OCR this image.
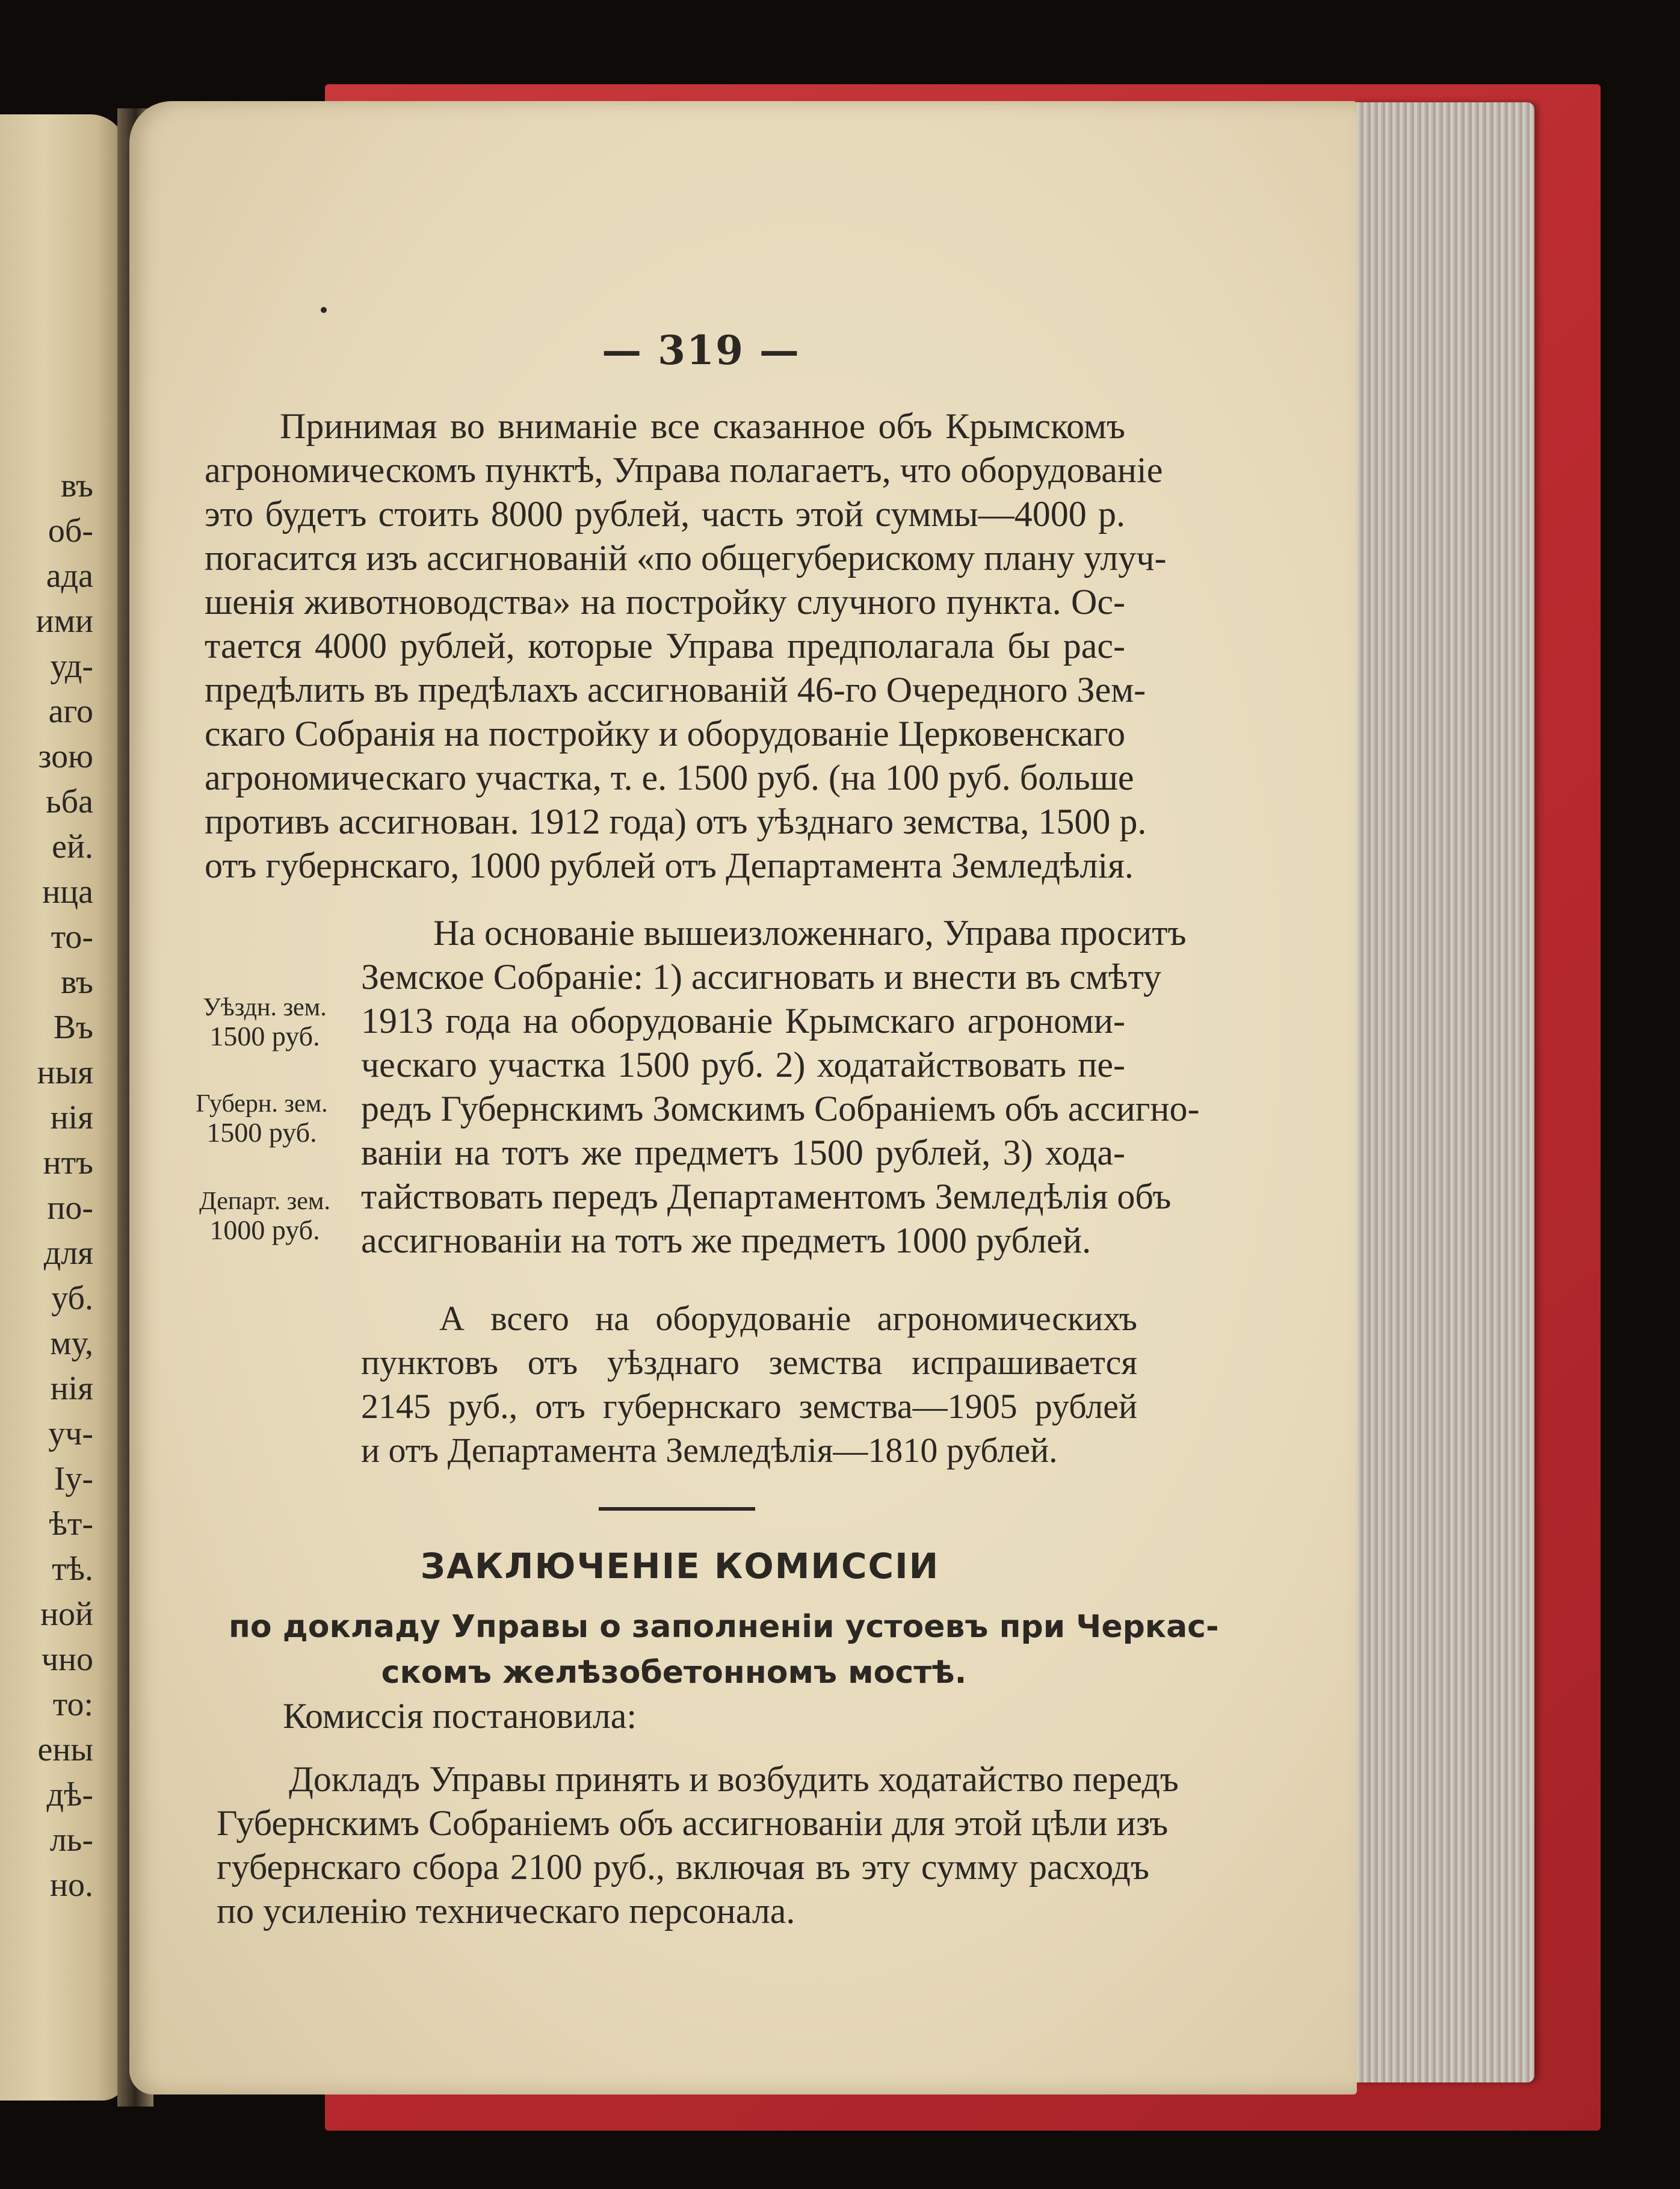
въ
об-
ада
ими
уд-
аго
зою
ьба
ей.
нца
то-
въ
Въ
ныя
нія
нтъ
по-
для
уб.
му,
нія
уч-
Iу-
ѣт-
тѣ.
ной
чно
то:
ены
дѣ-
ль-
но.
— 319 —
Принимая во вниманіе все сказанное объ Крымскомъ
агрономическомъ пунктѣ, Управа полагаетъ, что оборудованіе
это будетъ стоить 8000 рублей, часть этой суммы—4000 р.
погасится изъ ассигнованій «по общегуберискому плану улуч-
шенія животноводства» на постройку случного пункта. Ос-
тается 4000 рублей, которые Управа предполагала бы рас-
предѣлить въ предѣлахъ ассигнованій 46-го Очередного Зем-
скаго Собранія на постройку и оборудованіе Церковенскаго
агрономическаго участка, т. е. 1500 руб. (на 100 руб. больше
противъ ассигнован. 1912 года) отъ уѣзднаго земства, 1500 р.
отъ губернскаго, 1000 рублей отъ Департамента Земледѣлія.
На основаніе вышеизложеннаго, Управа проситъ
Земское Собраніе: 1) ассигновать и внести въ смѣту
1913 года на оборудованіе Крымскаго агрономи-
ческаго участка 1500 руб. 2) ходатайствовать пе-
редъ Губернскимъ Зомскимъ Собраніемъ объ ассигно-
ваніи на тотъ же предметъ 1500 рублей, 3) хода-
тайствовать передъ Департаментомъ Земледѣлія объ
ассигнованіи на тотъ же предметъ 1000 рублей.
Уѣздн. зем.
1500 руб.
Губерн. зем.
1500 руб.
Департ. зем.
1000 руб.
А всего на оборудованіе агрономическихъ
пунктовъ отъ уѣзднаго земства испрашивается
2145 руб., отъ губернскаго земства—1905 рублей
и отъ Департамента Земледѣлія—1810 рублей.
ЗАКЛЮЧЕНІЕ КОМИССІИ
по докладу Управы о заполненіи устоевъ при Черкас-
скомъ желѣзобетонномъ мостѣ.
Комиссія постановила:
Докладъ Управы принять и возбудить ходатайство передъ
Губернскимъ Собраніемъ объ ассигнованіи для этой цѣли изъ
губернскаго сбора 2100 руб., включая въ эту сумму расходъ
по усиленію техническаго персонала.
